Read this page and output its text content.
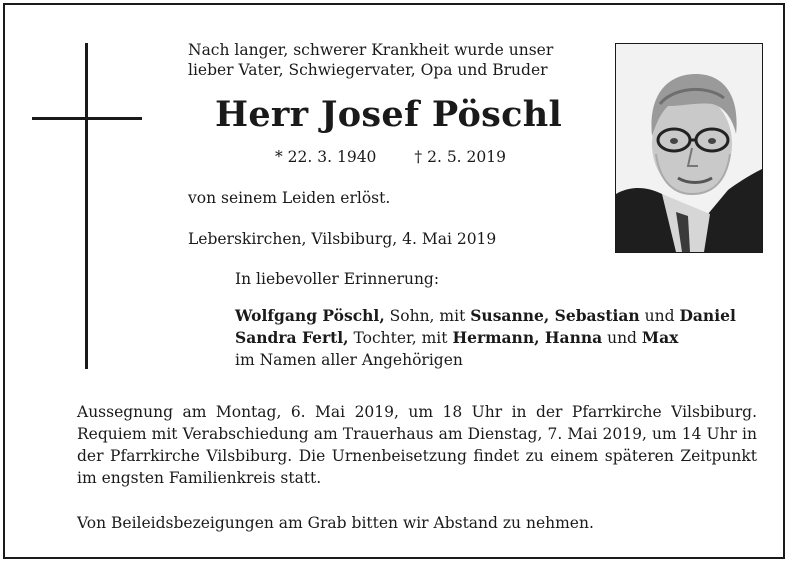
Nach langer, schwerer Krankheit wurde unser
lieber Vater, Schwiegervater, Opa und Bruder

Herr Josef Pöschl
* 22. 3. 1940 † 2. 5. 2019

von seinem Leiden erlöst.

Leberskirchen, Vilsbiburg, 4. Mai 2019

In liebevoller Erinnerung:

Wolfgang Pöschl, Sohn, mit Susanne, Sebastian und Daniel
Sandra Fertl, Tochter, mit Hermann, Hanna und Max
im Namen aller Angehörigen

Aussegnung am Montag, 6. Mai 2019, um 18 Uhr in der Pfarrkirche Vilsbiburg. Requiem mit Verabschiedung am Trauerhaus am Dienstag, 7. Mai 2019, um 14 Uhr in der Pfarrkirche Vilsbiburg. Die Urnenbeisetzung findet zu einem späteren Zeitpunkt im engsten Familienkreis statt.

Von Beileidsbezeigungen am Grab bitten wir Abstand zu nehmen.
